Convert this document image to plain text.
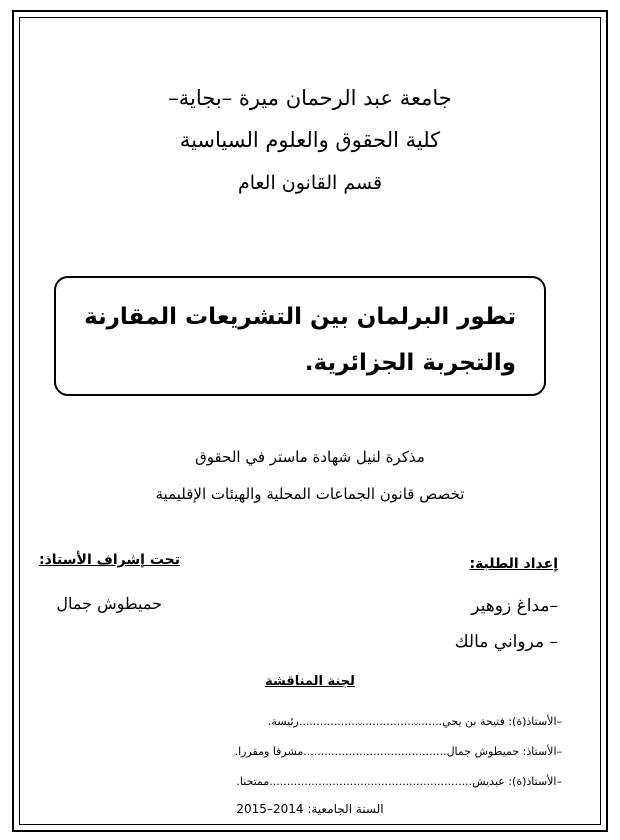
جامعة عبد الرحمان ميرة –بجاية–
كلية الحقوق والعلوم السياسية
قسم القانون العام
تطور البرلمان بين التشريعات المقارنة
والتجربة الجزائرية.
مذكرة لنيل شهادة ماستر في الحقوق
تخصص قانون الجماعات المحلية والهيئات الإقليمية
إعداد الطلبة:
تحت إشراف الأستاذ:
–مداغ زوهير
– مرواني مالك
حميطوش جمال
لجنة المناقشة
–الأستاذ(ة): فتيحة بن يحي.........................................رئيسة.
–الأستاذ: حميطوش جمال.........................................مشرفا ومقررا.
–الأستاذ(ة): عبديش..........................................................ممتحنا.
السنة الجامعية: 2014–2015
